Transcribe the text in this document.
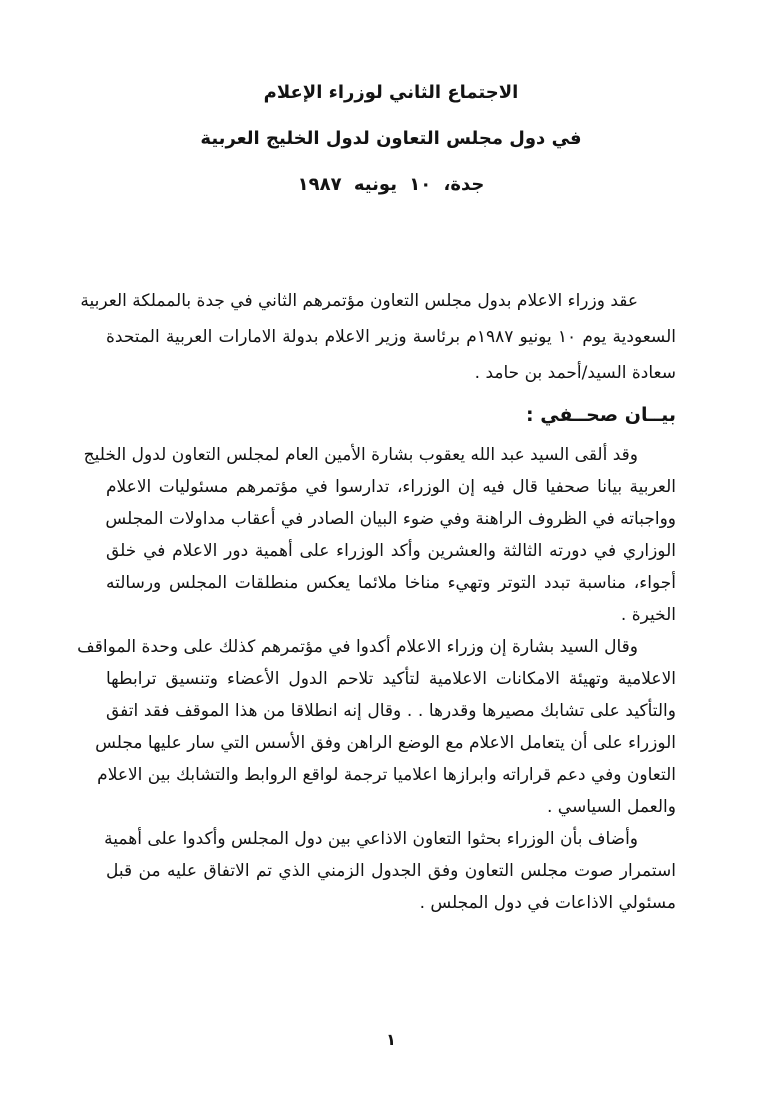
الاجتماع الثاني لوزراء الإعلام
في دول مجلس التعاون لدول الخليج العربية
جدة، ١٠ يونيه ١٩٨٧
عقد وزراء الاعلام بدول مجلس التعاون مؤتمرهم الثاني في جدة بالمملكة العربية
السعودية يوم ١٠ يونيو ١٩٨٧م برئاسة وزير الاعلام بدولة الامارات العربية المتحدة
سعادة السيد/أحمد بن حامد .
بيــان صحــفي :
وقد ألقى السيد عبد الله يعقوب بشارة الأمين العام لمجلس التعاون لدول الخليج
العربية بيانا صحفيا قال فيه إن الوزراء، تدارسوا في مؤتمرهم مسئوليات الاعلام
وواجباته في الظروف الراهنة وفي ضوء البيان الصادر في أعقاب مداولات المجلس
الوزاري في دورته الثالثة والعشرين وأكد الوزراء على أهمية دور الاعلام في خلق
أجواء، مناسبة تبدد التوتر وتهيء مناخا ملائما يعكس منطلقات المجلس ورسالته
الخيرة .
وقال السيد بشارة إن وزراء الاعلام أكدوا في مؤتمرهم كذلك على وحدة المواقف
الاعلامية وتهيئة الامكانات الاعلامية لتأكيد تلاحم الدول الأعضاء وتنسيق ترابطها
والتأكيد على تشابك مصيرها وقدرها . . وقال إنه انطلاقا من هذا الموقف فقد اتفق
الوزراء على أن يتعامل الاعلام مع الوضع الراهن وفق الأسس التي سار عليها مجلس
التعاون وفي دعم قراراته وابرازها اعلاميا ترجمة لواقع الروابط والتشابك بين الاعلام
والعمل السياسي .
وأضاف بأن الوزراء بحثوا التعاون الاذاعي بين دول المجلس وأكدوا على أهمية
استمرار صوت مجلس التعاون وفق الجدول الزمني الذي تم الاتفاق عليه من قبل
مسئولي الاذاعات في دول المجلس .
١
